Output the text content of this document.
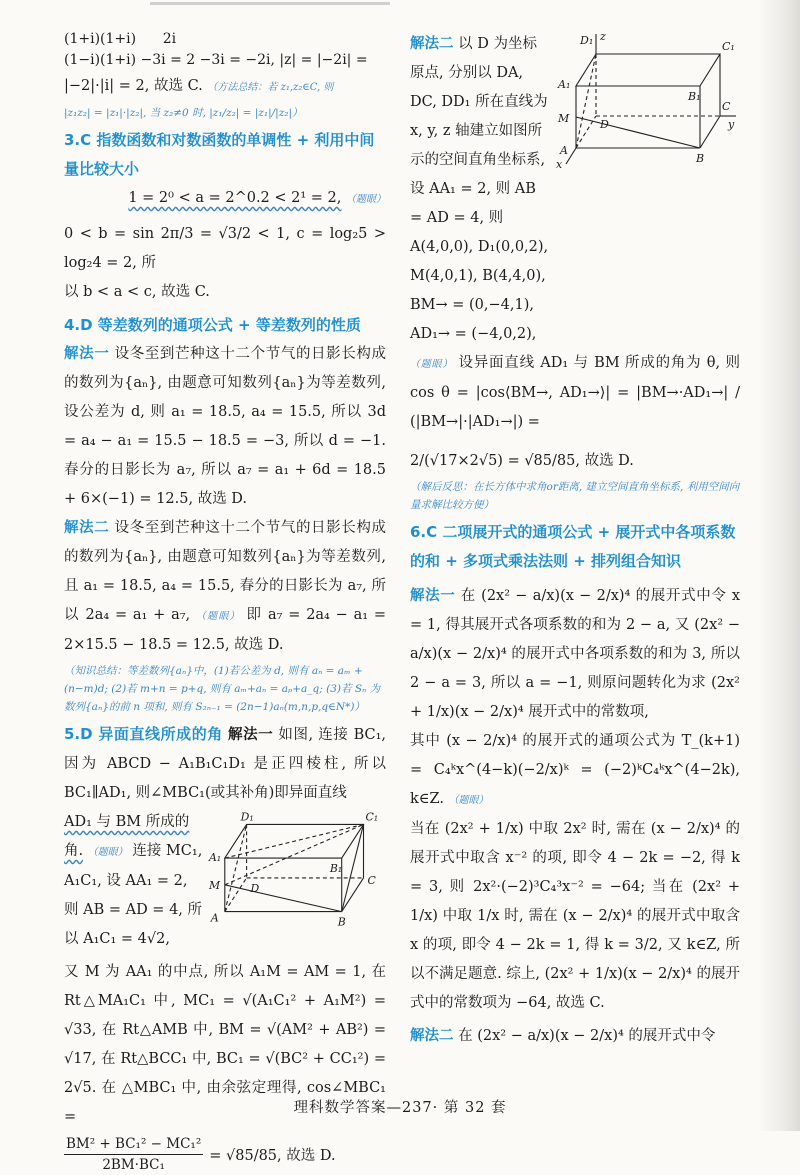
(1+i)(1+i)      2i

(1−i)(1+i) −3i = 2 −3i = −2i, |z| = |−2i| =

|−2|·|i| = 2, 故选 C. （方法总结：若 z₁,z₂∈C, 则

|z₁z₂| = |z₁|·|z₂|, 当 z₂≠0 时, |z₁/z₂| = |z₁|/|z₂|）
3.C 指数函数和对数函数的单调性 + 利用中间量比较大小

1 = 2⁰ < a = 2^0.2 < 2¹ = 2, （题眼）

0 < b = sin 2π/3 = √3/2 < 1, c = log₂5 > log₂4 = 2, 所

以 b < a < c, 故选 C.

4.D 等差数列的通项公式 + 等差数列的性质

解法一 设冬至到芒种这十二个节气的日影长构成的数列为{aₙ}, 由题意可知数列{aₙ}为等差数列, 设公差为 d, 则 a₁ = 18.5, a₄ = 15.5, 所以 3d = a₄ − a₁ = 15.5 − 18.5 = −3, 所以 d = −1. 春分的日影长为 a₇, 所以 a₇ = a₁ + 6d = 18.5 + 6×(−1) = 12.5, 故选 D.

解法二 设冬至到芒种这十二个节气的日影长构成的数列为{aₙ}, 由题意可知数列{aₙ}为等差数列, 且 a₁ = 18.5, a₄ = 15.5, 春分的日影长为 a₇, 所以 2a₄ = a₁ + a₇, （题眼） 即 a₇ = 2a₄ − a₁ = 2×15.5 − 18.5 = 12.5, 故选 D.

（知识总结：等差数列{aₙ}中，(1)若公差为 d, 则有 aₙ = aₘ + (n−m)d; (2)若 m+n = p+q, 则有 aₘ+aₙ = aₚ+a_q; (3)若 Sₙ 为数列{aₙ}的前 n 项和, 则有 S₂ₙ₋₁ = (2n−1)aₙ(m,n,p,q∈N*)）

5.D 异面直线所成的角 解法一 如图, 连接 BC₁, 因为 ABCD − A₁B₁C₁D₁ 是正四棱柱, 所以 BC₁∥AD₁, 则∠MBC₁(或其补角)即异面直线

AD₁ 与 BM 所成的 角. （题眼） 连接 MC₁, A₁C₁, 设 AA₁ = 2, 则 AB = AD = 4, 所以 A₁C₁ = 4√2,

D₁	C₁
A₁
B₁
D
C
M
A	B

又 M 为 AA₁ 的中点, 所以 A₁M = AM = 1, 在 Rt△MA₁C₁ 中, MC₁ = √(A₁C₁² + A₁M²) = √33, 在 Rt△AMB 中, BM = √(AM² + AB²) = √17, 在 Rt△BCC₁ 中, BC₁ = √(BC² + CC₁²) = 2√5. 在 △MBC₁ 中, 由余弦定理得, cos∠MBC₁ =

$\frac{\text{BM² + BC₁² − MC₁²}}{\text{2BM·BC₁}} = √85/85$, 故选 D.

解法二 以 D 为坐标原点, 分别以 DA, DC, DD₁ 所在直线为 x, y, z 轴建立如图所示的空间直角坐标系, 设 AA₁ = 2, 则 AB = AD = 4, 则 A(4,0,0), D₁(0,0,2), M(4,0,1), B(4,4,0), BM→ = (0,−4,1), AD₁→ = (−4,0,2),

D₁	C₁
z
A₁
B₁
D
C
M	y
A
B
x

（题眼） 设异面直线 AD₁ 与 BM 所成的角为 θ, 则 cos θ = |cos⟨BM→, AD₁→⟩| = |BM→·AD₁→| / (|BM→|·|AD₁→|) =

2/(√17×2√5) = √85/85, 故选 D.

（解后反思：在长方体中求角or距离, 建立空间直角坐标系, 利用空间向量求解比较方便）
6.C 二项展开式的通项公式 + 展开式中各项系数的和 + 多项式乘法法则 + 排列组合知识

解法一 在 (2x² − a/x)(x − 2/x)⁴ 的展开式中令 x = 1, 得其展开式各项系数的和为 2 − a, 又 (2x² − a/x)(x − 2/x)⁴ 的展开式中各项系数的和为 3, 所以 2 − a = 3, 所以 a = −1, 则原问题转化为求 (2x² + 1/x)(x − 2/x)⁴ 展开式中的常数项,

其中 (x − 2/x)⁴ 的展开式的通项公式为 T_(k+1) = C₄ᵏx^(4−k)(−2/x)ᵏ = (−2)ᵏC₄ᵏx^(4−2k), k∈Z. （题眼）

当在 (2x² + 1/x) 中取 2x² 时, 需在 (x − 2/x)⁴ 的展开式中取含 x⁻² 的项, 即令 4 − 2k = −2, 得 k = 3, 则 2x²·(−2)³C₄³x⁻² = −64; 当在 (2x² + 1/x) 中取 1/x 时, 需在 (x − 2/x)⁴ 的展开式中取含 x 的项, 即令 4 − 2k = 1, 得 k = 3/2, 又 k∈Z, 所以不满足题意. 综上, (2x² + 1/x)(x − 2/x)⁴ 的展开式中的常数项为 −64, 故选 C.

解法二 在 (2x² − a/x)(x − 2/x)⁴ 的展开式中令

理科数学答案—237· 第 32 套
